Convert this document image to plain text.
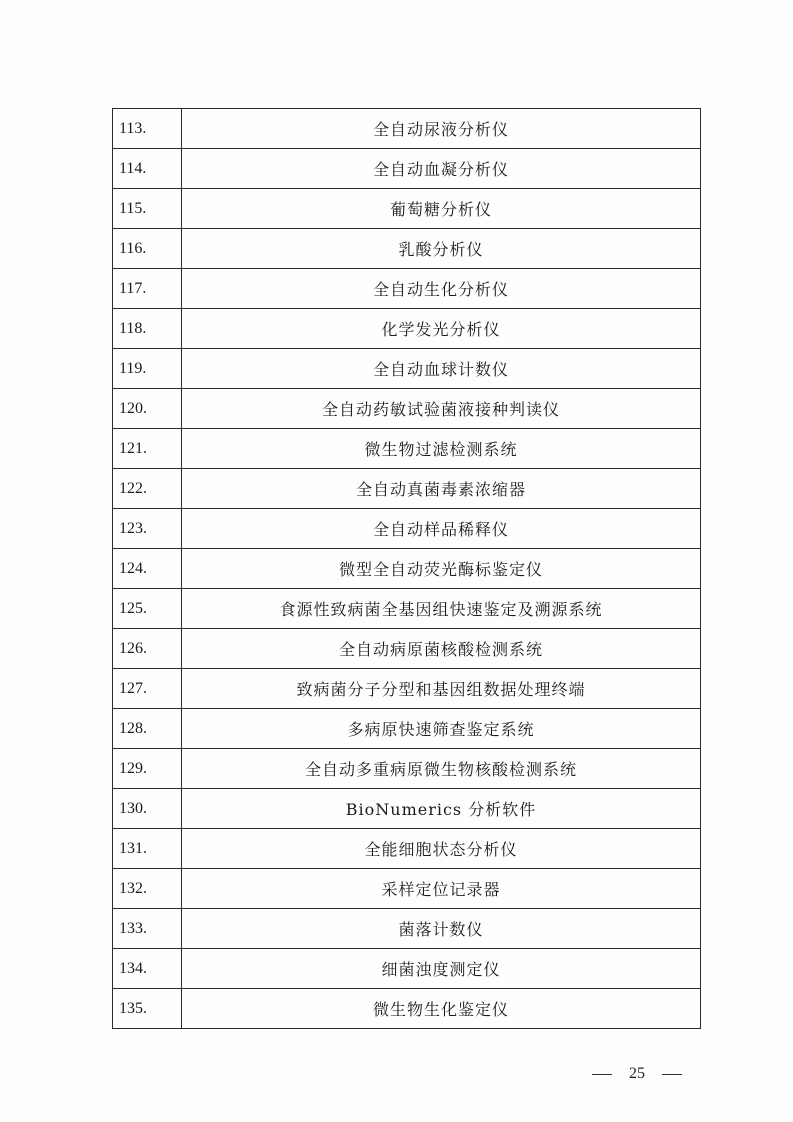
113.	全自动尿液分析仪
114.	全自动血凝分析仪
115.	葡萄糖分析仪
116.	乳酸分析仪
117.	全自动生化分析仪
118.	化学发光分析仪
119.	全自动血球计数仪
120.	全自动药敏试验菌液接种判读仪
121.	微生物过滤检测系统
122.	全自动真菌毒素浓缩器
123.	全自动样品稀释仪
124.	微型全自动荧光酶标鉴定仪
125.	食源性致病菌全基因组快速鉴定及溯源系统
126.	全自动病原菌核酸检测系统
127.	致病菌分子分型和基因组数据处理终端
128.	多病原快速筛查鉴定系统
129.	全自动多重病原微生物核酸检测系统
130.	BioNumerics 分析软件
131.	全能细胞状态分析仪
132.	采样定位记录器
133.	菌落计数仪
134.	细菌浊度测定仪
135.	微生物生化鉴定仪
25
